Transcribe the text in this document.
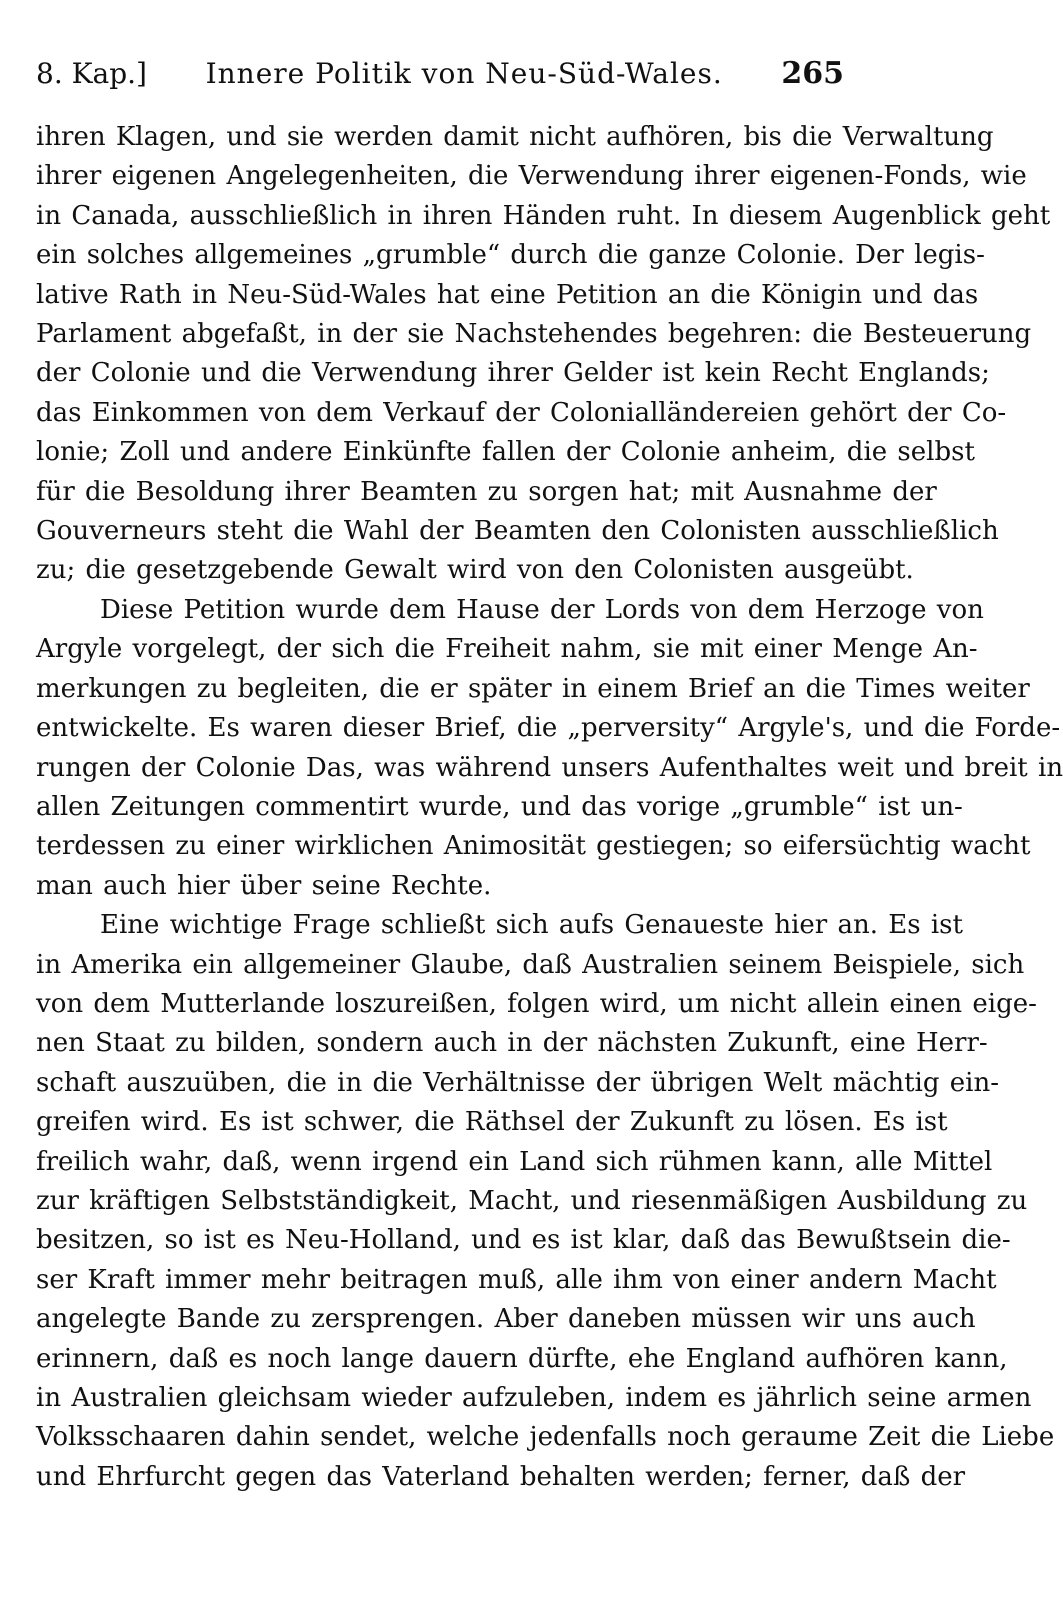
8. Kap.] Innere Politik von Neu-Süd-Wales. 265
ihren Klagen, und sie werden damit nicht aufhören, bis die Verwaltung
ihrer eigenen Angelegenheiten, die Verwendung ihrer eigenen-Fonds, wie
in Canada, ausschließlich in ihren Händen ruht. In diesem Augenblick geht
ein solches allgemeines „grumble“ durch die ganze Colonie. Der legis-
lative Rath in Neu-Süd-Wales hat eine Petition an die Königin und das
Parlament abgefaßt, in der sie Nachstehendes begehren: die Besteuerung
der Colonie und die Verwendung ihrer Gelder ist kein Recht Englands;
das Einkommen von dem Verkauf der Colonialländereien gehört der Co-
lonie; Zoll und andere Einkünfte fallen der Colonie anheim, die selbst
für die Besoldung ihrer Beamten zu sorgen hat; mit Ausnahme der
Gouverneurs steht die Wahl der Beamten den Colonisten ausschließlich
zu; die gesetzgebende Gewalt wird von den Colonisten ausgeübt.
Diese Petition wurde dem Hause der Lords von dem Herzoge von
Argyle vorgelegt, der sich die Freiheit nahm, sie mit einer Menge An-
merkungen zu begleiten, die er später in einem Brief an die Times weiter
entwickelte. Es waren dieser Brief, die „perversity“ Argyle's, und die Forde-
rungen der Colonie Das, was während unsers Aufenthaltes weit und breit in
allen Zeitungen commentirt wurde, und das vorige „grumble“ ist un-
terdessen zu einer wirklichen Animosität gestiegen; so eifersüchtig wacht
man auch hier über seine Rechte.
Eine wichtige Frage schließt sich aufs Genaueste hier an. Es ist
in Amerika ein allgemeiner Glaube, daß Australien seinem Beispiele, sich
von dem Mutterlande loszureißen, folgen wird, um nicht allein einen eige-
nen Staat zu bilden, sondern auch in der nächsten Zukunft, eine Herr-
schaft auszuüben, die in die Verhältnisse der übrigen Welt mächtig ein-
greifen wird. Es ist schwer, die Räthsel der Zukunft zu lösen. Es ist
freilich wahr, daß, wenn irgend ein Land sich rühmen kann, alle Mittel
zur kräftigen Selbstständigkeit, Macht, und riesenmäßigen Ausbildung zu
besitzen, so ist es Neu-Holland, und es ist klar, daß das Bewußtsein die-
ser Kraft immer mehr beitragen muß, alle ihm von einer andern Macht
angelegte Bande zu zersprengen. Aber daneben müssen wir uns auch
erinnern, daß es noch lange dauern dürfte, ehe England aufhören kann,
in Australien gleichsam wieder aufzuleben, indem es jährlich seine armen
Volksschaaren dahin sendet, welche jedenfalls noch geraume Zeit die Liebe
und Ehrfurcht gegen das Vaterland behalten werden; ferner, daß der
